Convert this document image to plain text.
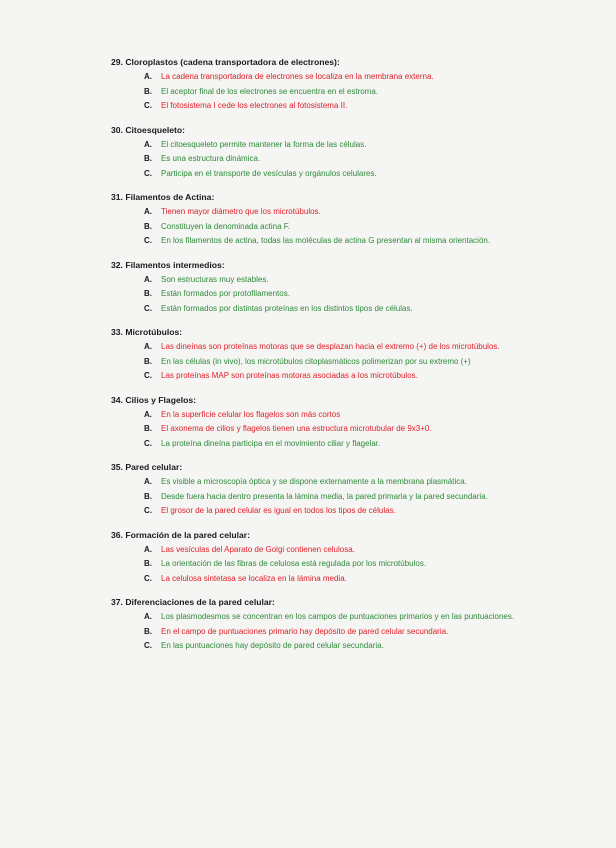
29. Cloroplastos (cadena transportadora de electrones):
A. La cadena transportadora de electrones se localiza en la membrana externa.
B. El aceptor final de los electrones se encuentra en el estroma.
C. El fotosistema I cede los electrones al fotosistema II.
30. Citoesqueleto:
A. El citoesqueleto permite mantener la forma de las células.
B. Es una estructura dinámica.
C. Participa en el transporte de vesículas y orgánulos celulares.
31. Filamentos de Actina:
A. Tienen mayor diámetro que los microtúbulos.
B. Constituyen la denominada actina F.
C. En los filamentos de actina, todas las moléculas de actina G presentan al misma orientación.
32. Filamentos intermedios:
A. Son estructuras muy estables.
B. Están formados por protofilamentos.
C. Están formados por distintas proteínas en los distintos tipos de células.
33. Microtúbulos:
A. Las dineínas son proteínas motoras que se desplazan hacia el extremo (+) de los microtúbulos.
B. En las células (in vivo), los microtúbulos citoplasmáticos polimerizan por su extremo (+)
C. Las proteínas MAP son proteínas motoras asociadas a los microtúbulos.
34. Cilios y Flagelos:
A. En la superficie celular los flagelos son más cortos
B. El axonema de cilios y flagelos tienen una estructura microtubular de 9x3+0.
C. La proteína dineína participa en el movimiento ciliar y flagelar.
35. Pared celular:
A. Es visible a microscopía óptica y se dispone externamente a la membrana plasmática.
B. Desde fuera hacia dentro presenta la lámina media, la pared primaria y la pared secundaria.
C. El grosor de la pared celular es igual en todos los tipos de células.
36. Formación de la pared celular:
A. Las vesículas del Aparato de Golgi contienen celulosa.
B. La orientación de las fibras de celulosa está regulada por los microtúbulos.
C. La celulosa sintetasa se localiza en la lámina media.
37. Diferenciaciones de la pared celular:
A. Los plasmodesmos se concentran en los campos de puntuaciones primarios y en las puntuaciones.
B. En el campo de puntuaciones primario hay depósito de pared celular secundaria.
C. En las puntuaciones hay depósito de pared celular secundaria.
